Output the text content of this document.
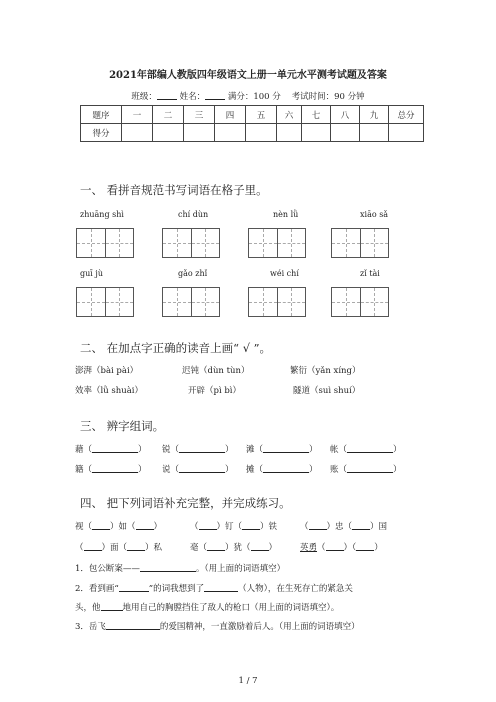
2021年部编人教版四年级语文上册一单元水平测考试题及答案
班级：	姓名：	满分：100 分 考试时间：90 分钟
题序	一	二	三	四	五	六	七	八	九	总分
得分										
一、 看拼音规范书写词语在格子里。
zhuāng shì	chí dùn	nèn lǜ	xiāo sǎ
guī jù	gǎo zhǐ	wéi chí	zǐ tài
二、 在加点字正确的读音上画“ √ ”。
澎湃（bài pài）	迟钝（dùn tùn）	繁衍（yǎn xíng）
效率（lǜ shuài）	开辟（pì bì）	隧道（suì shuí）
三、 辨字组词。
藉（	） 锐（	） 滩（	） 帐（	）
籍（	） 说（	） 摊（	） 账（	）
四、 把下列词语补充完整，并完成练习。
视（ ）如（ ）	（ ）钉（ ）铁	（ ）忠（ ）国
（ ）面（ ）私	毫（ ）犹（ ）	英勇（ ）（ ）
1．包公断案——	。（用上面的词语填空）
2．看到画“	”的词我想到了	（人物），在生死存亡的紧急关
头，他	地用自己的胸膛挡住了敌人的枪口（用上面的词语填空）。
3．岳飞	的爱国精神，一直激励着后人。（用上面的词语填空）
1 / 7
